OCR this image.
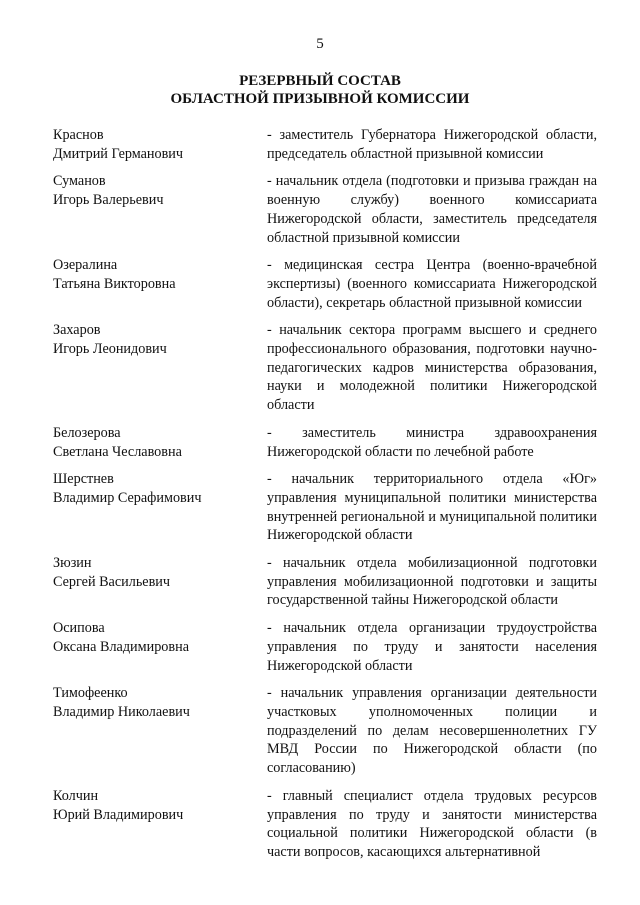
5
РЕЗЕРВНЫЙ СОСТАВ
ОБЛАСТНОЙ ПРИЗЫВНОЙ КОМИССИИ
Краснов
Дмитрий Германович
- заместитель Губернатора Нижегородской области, председатель областной призывной комиссии
Суманов
Игорь Валерьевич
- начальник отдела (подготовки и призыва граждан на военную службу) военного комиссариата Нижегородской области, заместитель председателя областной призывной комиссии
Озералина
Татьяна Викторовна
- медицинская сестра Центра (военно-врачебной экспертизы) (военного комиссариата Нижегородской области), секретарь областной призывной комиссии
Захаров
Игорь Леонидович
- начальник сектора программ высшего и среднего профессионального образования, подготовки научно-педагогических кадров министерства образования, науки и молодежной политики Нижегородской области
Белозерова
Светлана Чеславовна
- заместитель министра здравоохранения Нижегородской области по лечебной работе
Шерстнев
Владимир Серафимович
- начальник территориального отдела «Юг» управления муниципальной политики министерства внутренней региональной и муниципальной политики Нижегородской области
Зюзин
Сергей Васильевич
- начальник отдела мобилизационной подготовки управления мобилизационной подготовки и защиты государственной тайны Нижегородской области
Осипова
Оксана Владимировна
- начальник отдела организации трудоустройства управления по труду и занятости населения Нижегородской области
Тимофеенко
Владимир Николаевич
- начальник управления организации деятельности участковых уполномоченных полиции и подразделений по делам несовершеннолетних ГУ МВД России по Нижегородской области (по согласованию)
Колчин
Юрий Владимирович
- главный специалист отдела трудовых ресурсов управления по труду и занятости министерства социальной политики Нижегородской области (в части вопросов, касающихся альтернативной
